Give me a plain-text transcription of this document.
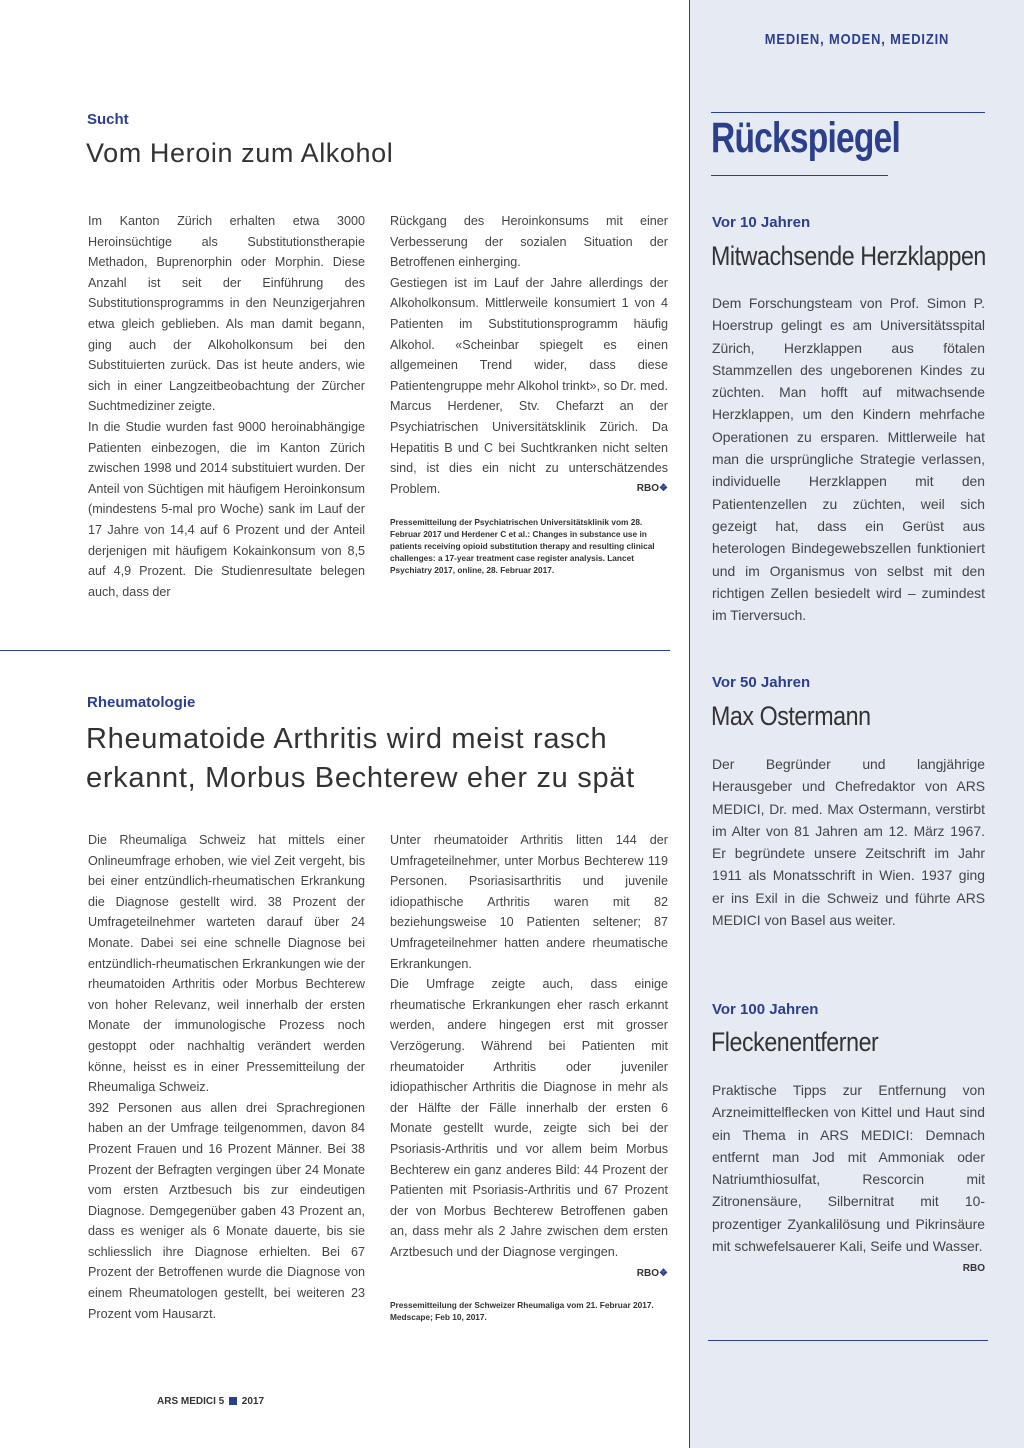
MEDIEN, MODEN, MEDIZIN
Sucht
Vom Heroin zum Alkohol

Im Kanton Zürich erhalten etwa 3000 Heroinsüchtige als Substitutionstherapie Methadon, Buprenorphin oder Morphin. Diese Anzahl ist seit der Einführung des Substitutionsprogramms in den Neunzigerjahren etwa gleich geblieben. Als man damit begann, ging auch der Alkoholkonsum bei den Substituierten zurück. Das ist heute anders, wie sich in einer Langzeitbeobachtung der Zürcher Suchtmediziner zeigte.

In die Studie wurden fast 9000 heroinabhängige Patienten einbezogen, die im Kanton Zürich zwischen 1998 und 2014 substituiert wurden. Der Anteil von Süchtigen mit häufigem Heroinkonsum (mindestens 5-mal pro Woche) sank im Lauf der 17 Jahre von 14,4 auf 6 Prozent und der Anteil derjenigen mit häufigem Kokainkonsum von 8,5 auf 4,9 Prozent. Die Studienresultate belegen auch, dass der

Rückgang des Heroinkonsums mit einer Verbesserung der sozialen Situation der Betroffenen einherging.

Gestiegen ist im Lauf der Jahre allerdings der Alkoholkonsum. Mittlerweile konsumiert 1 von 4 Patienten im Substitutionsprogramm häufig Alkohol. «Scheinbar spiegelt es einen allgemeinen Trend wider, dass diese Patientengruppe mehr Alkohol trinkt», so Dr. med. Marcus Herdener, Stv. Chefarzt an der Psychiatrischen Universitätsklinik Zürich. Da Hepatitis B und C bei Suchtkranken nicht selten sind, ist dies ein nicht zu unterschätzendes Problem.	RBO❖
Pressemitteilung der Psychiatrischen Universitätsklinik vom 28. Februar 2017 und Herdener C et al.: Changes in substance use in patients receiving opioid substitution therapy and resulting clinical challenges: a 17-year treatment case register analysis. Lancet Psychiatry 2017, online, 28. Februar 2017.
Rheumatologie
Rheumatoide Arthritis wird meist rasch
erkannt, Morbus Bechterew eher zu spät

Die Rheumaliga Schweiz hat mittels einer Onlineumfrage erhoben, wie viel Zeit vergeht, bis bei einer entzündlich-rheumatischen Erkrankung die Diagnose gestellt wird. 38 Prozent der Umfrageteilnehmer warteten darauf über 24 Monate. Dabei sei eine schnelle Diagnose bei entzündlich-rheumatischen Erkrankungen wie der rheumatoiden Arthritis oder Morbus Bechterew von hoher Relevanz, weil innerhalb der ersten Monate der immunologische Prozess noch gestoppt oder nachhaltig verändert werden könne, heisst es in einer Pressemitteilung der Rheumaliga Schweiz.

392 Personen aus allen drei Sprachregionen haben an der Umfrage teilgenommen, davon 84 Prozent Frauen und 16 Prozent Männer. Bei 38 Prozent der Befragten vergingen über 24 Monate vom ersten Arztbesuch bis zur eindeutigen Diagnose. Demgegenüber gaben 43 Prozent an, dass es weniger als 6 Monate dauerte, bis sie schliesslich ihre Diagnose erhielten. Bei 67 Prozent der Betroffenen wurde die Diagnose von einem Rheumatologen gestellt, bei weiteren 23 Prozent vom Hausarzt.

Unter rheumatoider Arthritis litten 144 der Umfrageteilnehmer, unter Morbus Bechterew 119 Personen. Psoriasisarthritis und juvenile idiopathische Arthritis waren mit 82 beziehungsweise 10 Patienten seltener; 87 Umfrageteilnehmer hatten andere rheumatische Erkrankungen.

Die Umfrage zeigte auch, dass einige rheumatische Erkrankungen eher rasch erkannt werden, andere hingegen erst mit grosser Verzögerung. Während bei Patienten mit rheumatoider Arthritis oder juveniler idiopathischer Arthritis die Diagnose in mehr als der Hälfte der Fälle innerhalb der ersten 6 Monate gestellt wurde, zeigte sich bei der Psoriasis-Arthritis und vor allem beim Morbus Bechterew ein ganz anderes Bild: 44 Prozent der Patienten mit Psoriasis-Arthritis und 67 Prozent der von Morbus Bechterew Betroffenen gaben an, dass mehr als 2 Jahre zwischen dem ersten Arztbesuch und der Diagnose vergingen.

RBO❖
Pressemitteilung der Schweizer Rheumaliga vom 21. Februar 2017. Medscape; Feb 10, 2017.
ARS MEDICI 5 2017
Rückspiegel
Vor 10 Jahren
Mitwachsende Herzklappen
Dem Forschungsteam von Prof. Simon P. Hoerstrup gelingt es am Universitätsspital Zürich, Herzklappen aus fötalen Stammzellen des ungeborenen Kindes zu züchten. Man hofft auf mitwachsende Herzklappen, um den Kindern mehrfache Operationen zu ersparen. Mittlerweile hat man die ursprüngliche Strategie verlassen, individuelle Herzklappen mit den Patientenzellen zu züchten, weil sich gezeigt hat, dass ein Gerüst aus heterologen Bindegewebszellen funktioniert und im Organismus von selbst mit den richtigen Zellen besiedelt wird – zumindest im Tierversuch.
Vor 50 Jahren
Max Ostermann
Der Begründer und langjährige Herausgeber und Chefredaktor von ARS MEDICI, Dr. med. Max Ostermann, verstirbt im Alter von 81 Jahren am 12. März 1967. Er begründete unsere Zeitschrift im Jahr 1911 als Monatsschrift in Wien. 1937 ging er ins Exil in die Schweiz und führte ARS MEDICI von Basel aus weiter.
Vor 100 Jahren
Fleckenentferner
Praktische Tipps zur Entfernung von Arzneimittelflecken von Kittel und Haut sind ein Thema in ARS MEDICI: Demnach entfernt man Jod mit Ammoniak oder Natriumthiosulfat, Rescorcin mit Zitronensäure, Silbernitrat mit 10-prozentiger Zyankalilösung und Pikrinsäure mit schwefelsauerer Kali, Seife und Wasser.
RBO
